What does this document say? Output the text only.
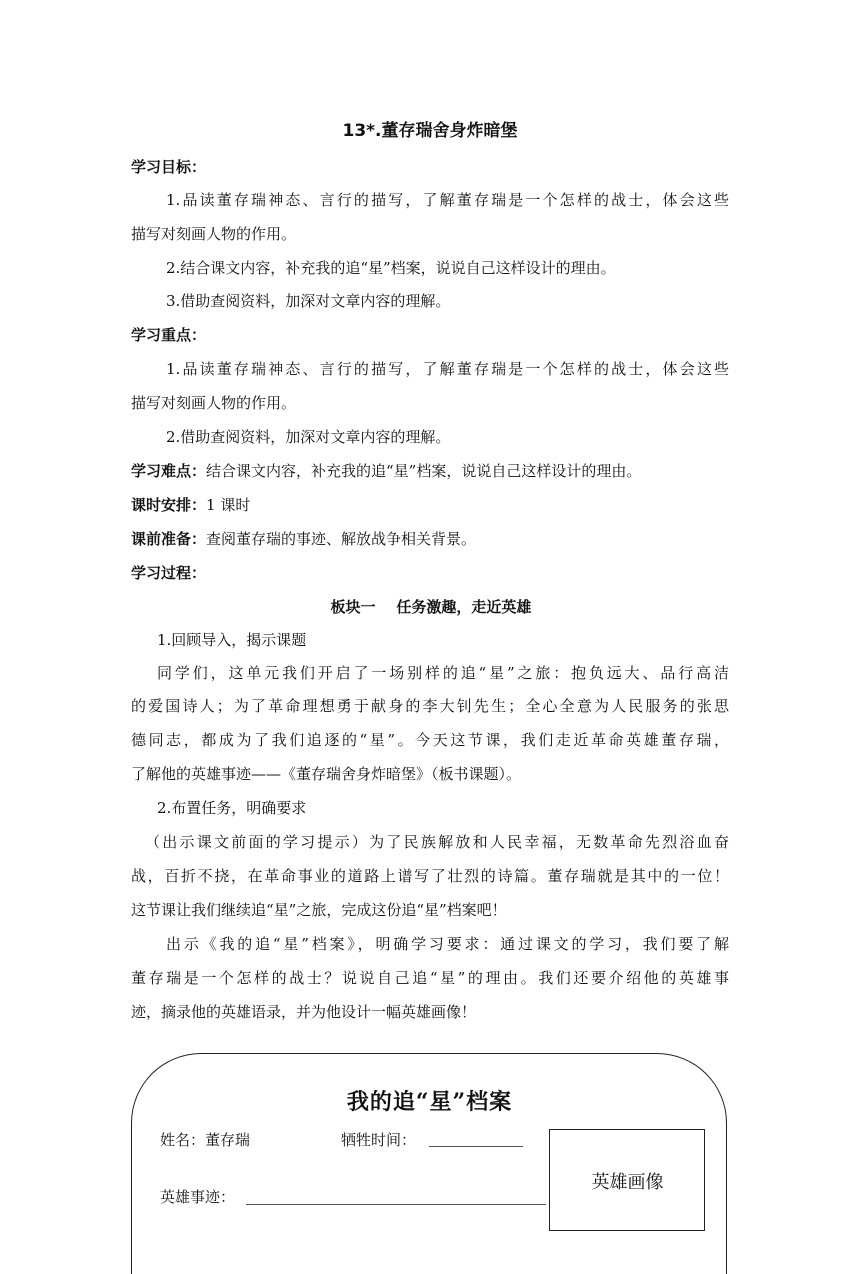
13*.董存瑞舍身炸暗堡
学习目标：
1.品读董存瑞神态、言行的描写，了解董存瑞是一个怎样的战士，体会这些
描写对刻画人物的作用。
2.结合课文内容，补充我的追“星”档案，说说自己这样设计的理由。
3.借助查阅资料，加深对文章内容的理解。
学习重点：
1.品读董存瑞神态、言行的描写，了解董存瑞是一个怎样的战士，体会这些
描写对刻画人物的作用。
2.借助查阅资料，加深对文章内容的理解。
学习难点：结合课文内容，补充我的追“星”档案，说说自己这样设计的理由。
课时安排：1 课时
课前准备：查阅董存瑞的事迹、解放战争相关背景。
学习过程：
板块一    任务激趣，走近英雄
1.回顾导入，揭示课题
同学们，这单元我们开启了一场别样的追“星”之旅：抱负远大、品行高洁
的爱国诗人；为了革命理想勇于献身的李大钊先生；全心全意为人民服务的张思
德同志，都成为了我们追逐的“星”。今天这节课，我们走近革命英雄董存瑞，
了解他的英雄事迹——《董存瑞舍身炸暗堡》（板书课题）。
2.布置任务，明确要求
（出示课文前面的学习提示）为了民族解放和人民幸福，无数革命先烈浴血奋
战，百折不挠，在革命事业的道路上谱写了壮烈的诗篇。董存瑞就是其中的一位！
这节课让我们继续追“星”之旅，完成这份追“星”档案吧！
出示《我的追“星”档案》，明确学习要求：通过课文的学习，我们要了解
董存瑞是一个怎样的战士？说说自己追“星”的理由。我们还要介绍他的英雄事
迹，摘录他的英雄语录，并为他设计一幅英雄画像！
我的追“星”档案
姓名：董存瑞	牺牲时间：
英雄事迹：
英雄画像
